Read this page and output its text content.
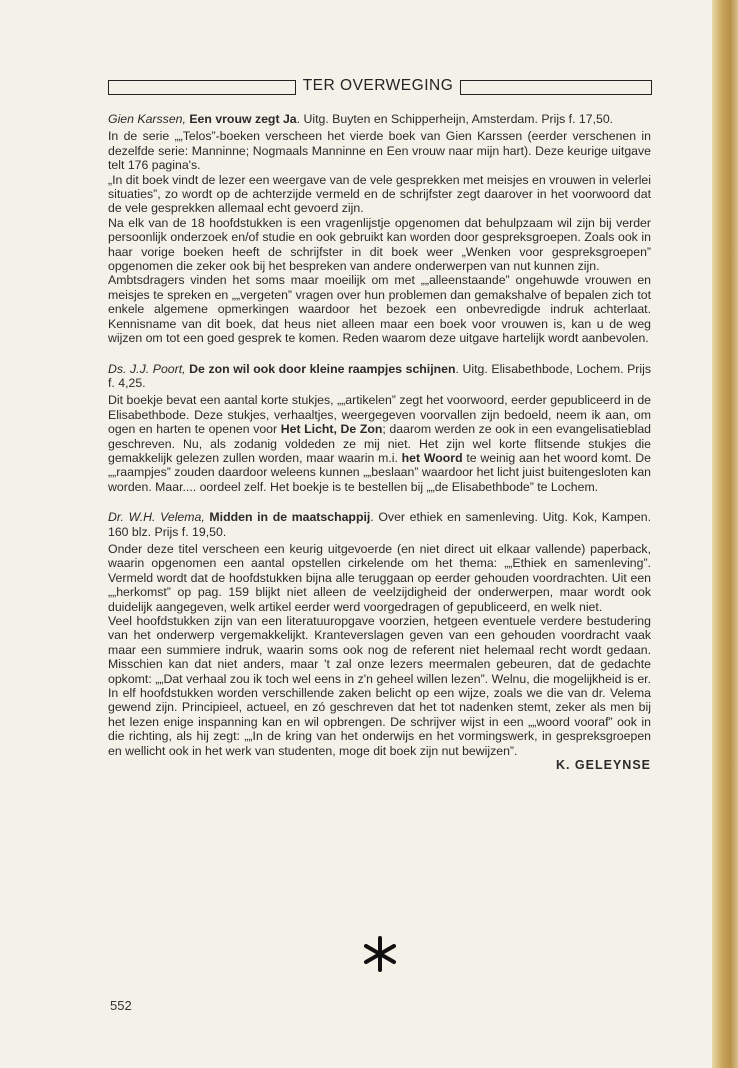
TER OVERWEGING

Gien Karssen, Een vrouw zegt Ja. Uitg. Buyten en Schipperheijn, Amsterdam. Prijs f. 17,50.

In de serie „„Telos”-boeken verscheen het vierde boek van Gien Karssen (eerder verschenen in dezelfde serie: Manninne; Nogmaals Manninne en Een vrouw naar mijn hart). Deze keurige uitgave telt 176 pagina's.

„In dit boek vindt de lezer een weergave van de vele gesprekken met meisjes en vrouwen in velerlei situaties”, zo wordt op de achterzijde vermeld en de schrijfster zegt daarover in het voorwoord dat de vele gesprekken allemaal echt gevoerd zijn.

Na elk van de 18 hoofdstukken is een vragenlijstje opgenomen dat behulpzaam wil zijn bij verder persoonlijk onderzoek en/of studie en ook gebruikt kan worden door gespreksgroepen. Zoals ook in haar vorige boeken heeft de schrijfster in dit boek weer „Wenken voor gespreksgroepen” opgenomen die zeker ook bij het bespreken van andere onderwerpen van nut kunnen zijn.

Ambtsdragers vinden het soms maar moeilijk om met „„alleenstaande” ongehuwde vrouwen en meisjes te spreken en „„vergeten” vragen over hun problemen dan gemakshalve of bepalen zich tot enkele algemene opmerkingen waardoor het bezoek een onbevredigde indruk achterlaat. Kennisname van dit boek, dat heus niet alleen maar een boek voor vrouwen is, kan u de weg wijzen om tot een goed gesprek te komen. Reden waarom deze uitgave hartelijk wordt aanbevolen.

Ds. J.J. Poort, De zon wil ook door kleine raampjes schijnen. Uitg. Elisabethbode, Lochem. Prijs f. 4,25.

Dit boekje bevat een aantal korte stukjes, „„artikelen” zegt het voorwoord, eerder gepubliceerd in de Elisabethbode. Deze stukjes, verhaaltjes, weergegeven voorvallen zijn bedoeld, neem ik aan, om ogen en harten te openen voor Het Licht, De Zon; daarom werden ze ook in een evangelisatieblad geschreven. Nu, als zodanig voldeden ze mij niet. Het zijn wel korte flitsende stukjes die gemakkelijk gelezen zullen worden, maar waarin m.i. het Woord te weinig aan het woord komt. De „„raampjes” zouden daardoor weleens kunnen „„beslaan” waardoor het licht juist buitengesloten kan worden. Maar.... oordeel zelf. Het boekje is te bestellen bij „„de Elisabethbode” te Lochem.

Dr. W.H. Velema, Midden in de maatschappij. Over ethiek en samenleving. Uitg. Kok, Kampen. 160 blz. Prijs f. 19,50.

Onder deze titel verscheen een keurig uitgevoerde (en niet direct uit elkaar vallende) paperback, waarin opgenomen een aantal opstellen cirkelende om het thema: „„Ethiek en samenleving”. Vermeld wordt dat de hoofdstukken bijna alle teruggaan op eerder gehouden voordrachten. Uit een „„herkomst” op pag. 159 blijkt niet alleen de veelzijdigheid der onderwerpen, maar wordt ook duidelijk aangegeven, welk artikel eerder werd voorgedragen of gepubliceerd, en welk niet.

Veel hoofdstukken zijn van een literatuuropgave voorzien, hetgeen eventuele verdere bestudering van het onderwerp vergemakkelijkt. Kranteverslagen geven van een gehouden voordracht vaak maar een summiere indruk, waarin soms ook nog de referent niet helemaal recht wordt gedaan. Misschien kan dat niet anders, maar 't zal onze lezers meermalen gebeuren, dat de gedachte opkomt: „„Dat verhaal zou ik toch wel eens in z'n geheel willen lezen”. Welnu, die mogelijkheid is er. In elf hoofdstukken worden verschillende zaken belicht op een wijze, zoals we die van dr. Velema gewend zijn. Principieel, actueel, en zó geschreven dat het tot nadenken stemt, zeker als men bij het lezen enige inspanning kan en wil opbrengen. De schrijver wijst in een „„woord vooraf” ook in die richting, als hij zegt: „„In de kring van het onderwijs en het vormingswerk, in gespreksgroepen en wellicht ook in het werk van studenten, moge dit boek zijn nut bewijzen”.

K. GELEYNSE

552
